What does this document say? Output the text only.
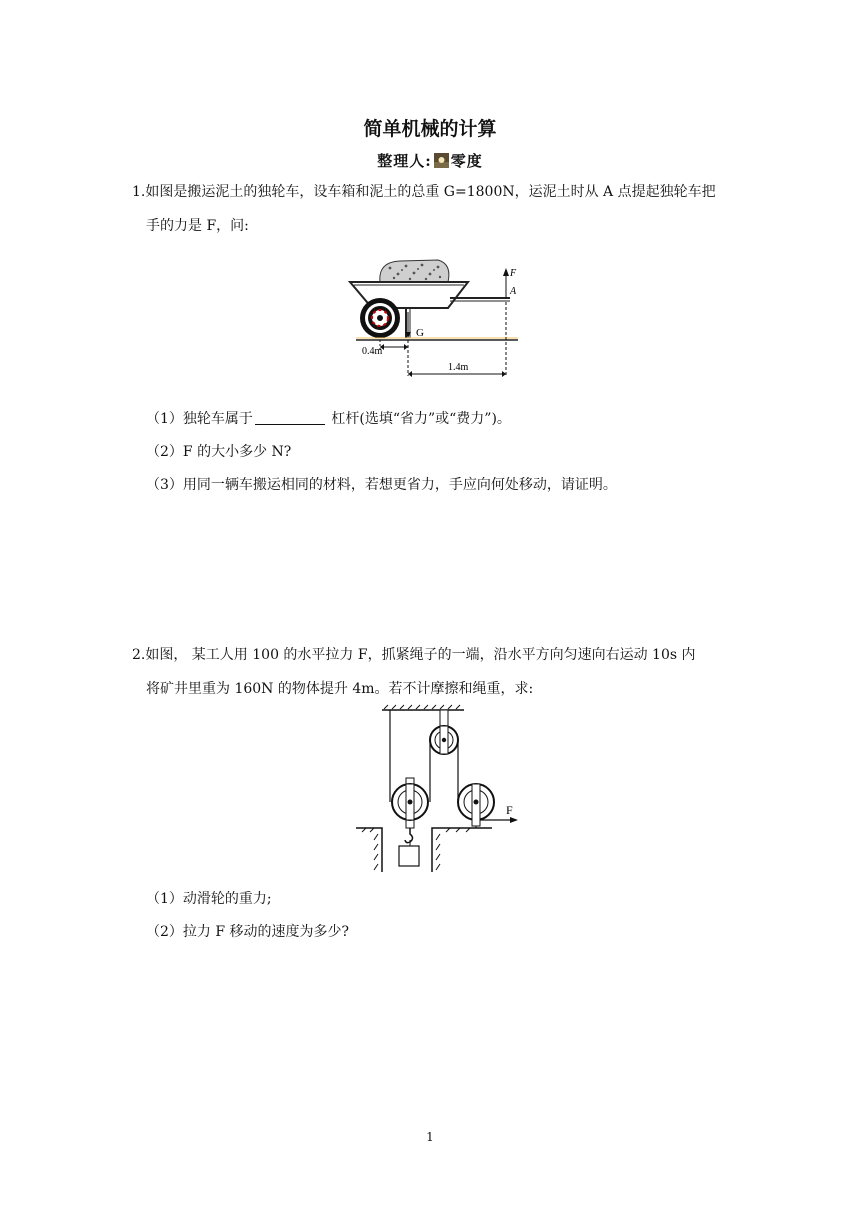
简单机械的计算
整理人: 零度
1.如图是搬运泥土的独轮车，设车箱和泥土的总重 G=1800N，运泥土时从 A 点提起独轮车把
手的力是 F，问:
G
F
A
0.4m
1.4m
（1）独轮车属于	杠杆(选填“省力”或“费力”)。
（2）F 的大小多少 N?
（3）用同一辆车搬运相同的材料，若想更省力，手应向何处移动，请证明。
2.如图， 某工人用 100 的水平拉力 F，抓紧绳子的一端，沿水平方向匀速向右运动 10s 内
将矿井里重为 160N 的物体提升 4m。若不计摩擦和绳重，求:
F
（1）动滑轮的重力;
（2）拉力 F 移动的速度为多少?
1
